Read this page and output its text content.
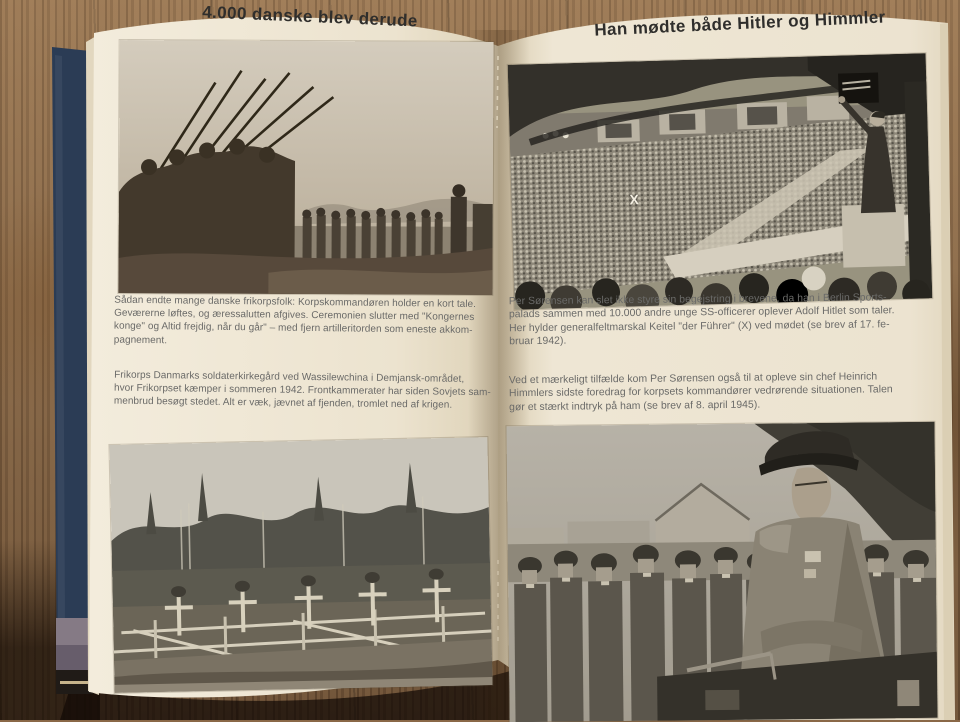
4.000 danske blev derude	Han mødte både Hitler og Himmler
Sådan endte mange danske frikorpsfolk: Korpskommandøren holder en kort tale.
Geværerne løftes, og æressalutten afgives. Ceremonien slutter med "Kongernes
konge" og Altid frejdig, når du går" – med fjern artilleritorden som eneste akkom-
pagnement.
Frikorps Danmarks soldaterkirkegård ved Wassilewchina i Demjansk-området,
hvor Frikorpset kæmper i sommeren 1942. Frontkammerater har siden Sovjets sam-
menbrud besøgt stedet. Alt er væk, jævnet af fjenden, tromlet ned af krigen.
X
Per Sørensen kan slet ikke styre sin begejstring i brevene, da han i Berlin Sports-
palads sammen med 10.000 andre unge SS-officerer oplever Adolf Hitlet som taler.
Her hylder generalfeltmarskal Keitel "der Führer" (X) ved mødet (se brev af 17. fe-
bruar 1942).
Ved et mærkeligt tilfælde kom Per Sørensen også til at opleve sin chef Heinrich
Himmlers sidste foredrag for korpsets kommandører vedrørende situationen. Talen
gør et stærkt indtryk på ham (se brev af 8. april 1945).
